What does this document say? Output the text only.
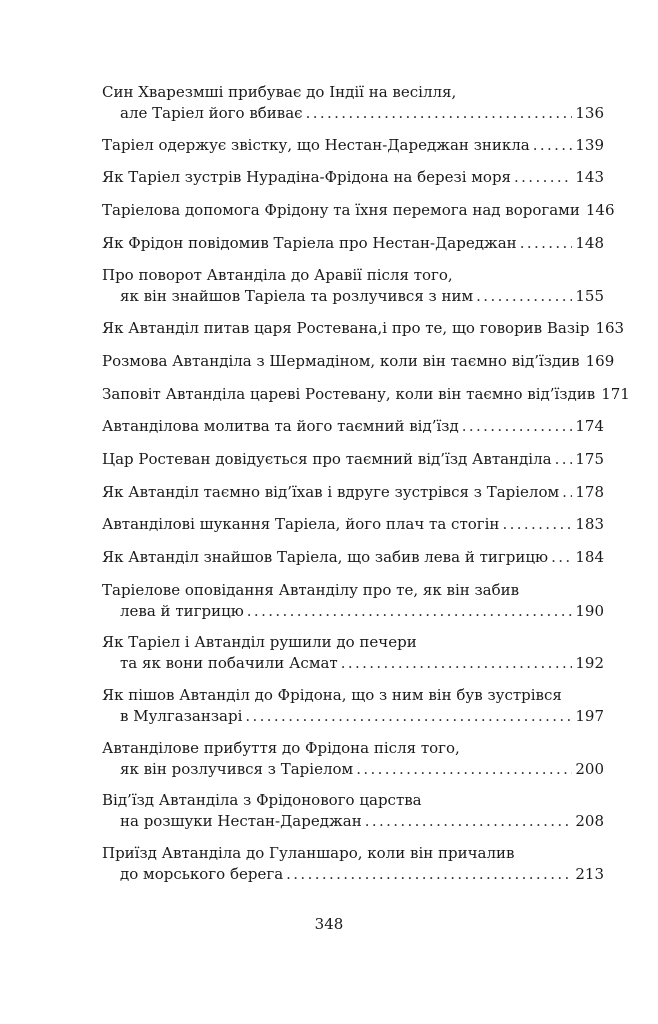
Син Хварезмші прибуває до Індії на весілля,
але Таріел його вбиває . . .	136
Таріел одержує звістку, що Нестан-Дареджан зникла . . .	139
Як Таріел зустрів Нурадіна-Фрідона на березі моря . . .	143
Таріелова допомога Фрідону та їхня перемога над ворогами 146
Як Фрідон повідомив Таріела про Нестан-Дареджан . . .	148
Про поворот Автанділа до Аравії після того,
як він знайшов Таріела та розлучився з ним . . .	155
Як Автанділ питав царя Ростевана,і про те, що говорив Вазір 163
Розмова Автанділа з Шермадіном, коли він таємно від’їздив 169
Заповіт Автанділа цареві Ростевану, коли він таємно від’їздив 171
Автанділова молитва та його таємний від’їзд . . .	174
Цар Ростеван довідується про таємний від’їзд Автанділа . . . 175
Як Автанділ таємно від’їхав і вдруге зустрівся з Таріелом . . . 178
Автанділові шукання Таріела, його плач та стогін . . .	183
Як Автанділ знайшов Таріела, що забив лева й тигрицю . . . 184
Таріелове оповідання Автанділу про те, як він забив
лева й тигрицю . . .	190
Як Таріел і Автанділ рушили до печери
та як вони побачили Асмат . . .	192
Як пішов Автанділ до Фрідона, що з ним він був зустрівся
в Мулгазанзарі . . .	197
Автанділове прибуття до Фрідона після того,
як він розлучився з Таріелом . . .	200
Від’їзд Автанділа з Фрідонового царства
на розшуки Нестан-Дареджан . . .	208
Приїзд Автанділа до Гуланшаро, коли він причалив
до морського берега . . .	213
348
